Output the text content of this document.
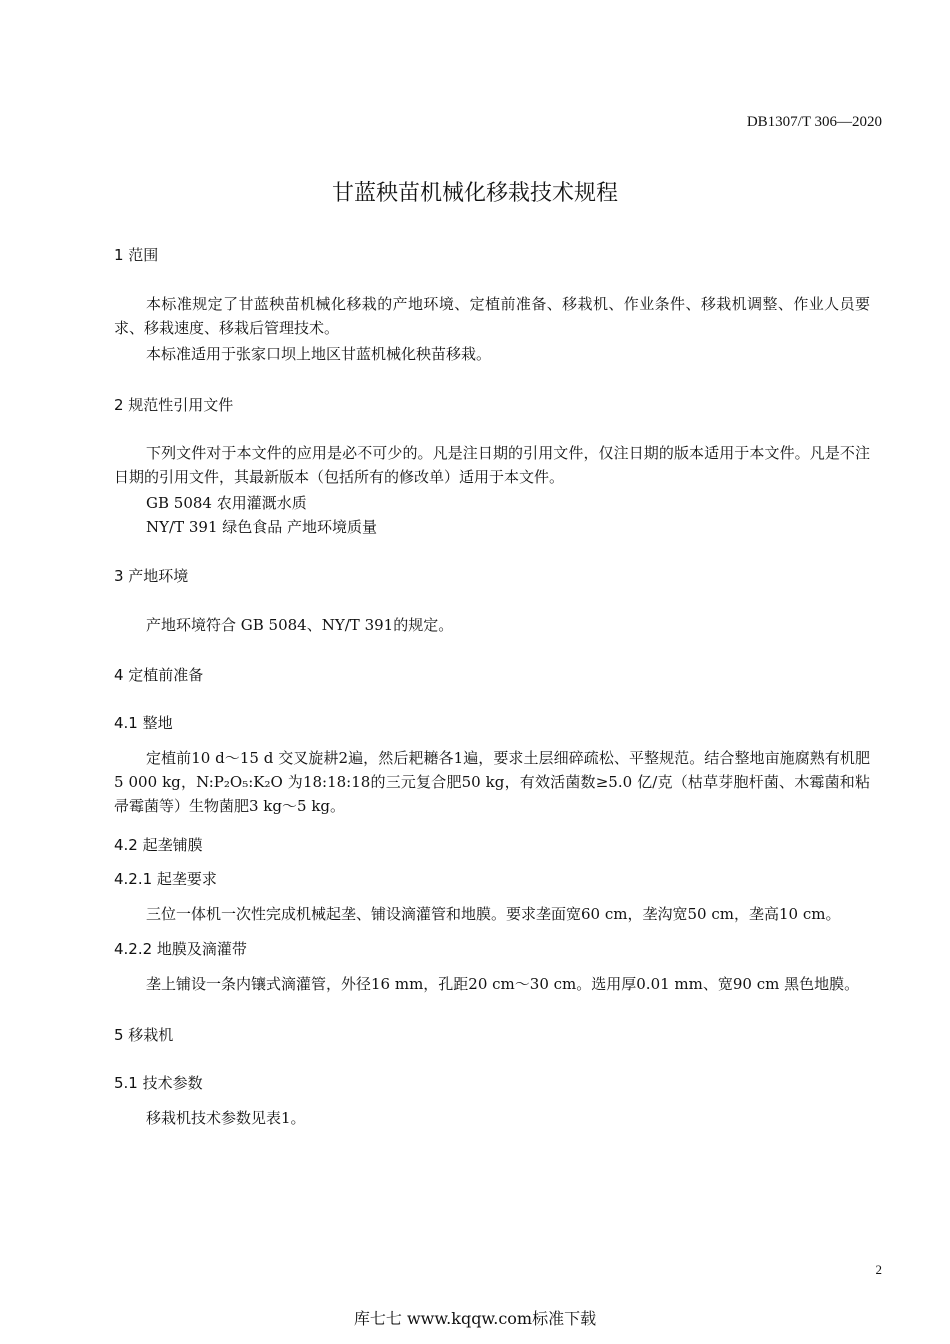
DB1307/T 306—2020
甘蓝秧苗机械化移栽技术规程
1 范围
本标准规定了甘蓝秧苗机械化移栽的产地环境、定植前准备、移栽机、作业条件、移栽机调整、作业人员要求、移栽速度、移栽后管理技术。
本标准适用于张家口坝上地区甘蓝机械化秧苗移栽。
2 规范性引用文件
下列文件对于本文件的应用是必不可少的。凡是注日期的引用文件，仅注日期的版本适用于本文件。凡是不注日期的引用文件，其最新版本（包括所有的修改单）适用于本文件。
GB 5084 农用灌溉水质
NY/T 391 绿色食品 产地环境质量
3 产地环境
产地环境符合 GB 5084、NY/T 391的规定。
4 定植前准备
4.1 整地
定植前10 d～15 d 交叉旋耕2遍，然后耙耱各1遍，要求土层细碎疏松、平整规范。结合整地亩施腐熟有机肥5 000 kg，N:P₂O₅:K₂O 为18:18:18的三元复合肥50 kg，有效活菌数≥5.0 亿/克（枯草芽胞杆菌、木霉菌和粘帚霉菌等）生物菌肥3 kg～5 kg。
4.2 起垄铺膜
4.2.1 起垄要求
三位一体机一次性完成机械起垄、铺设滴灌管和地膜。要求垄面宽60 cm，垄沟宽50 cm，垄高10 cm。
4.2.2 地膜及滴灌带
垄上铺设一条内镶式滴灌管，外径16 mm，孔距20 cm～30 cm。选用厚0.01 mm、宽90 cm 黑色地膜。
5 移栽机
5.1 技术参数
移栽机技术参数见表1。
2
库七七 www.kqqw.com标准下载
